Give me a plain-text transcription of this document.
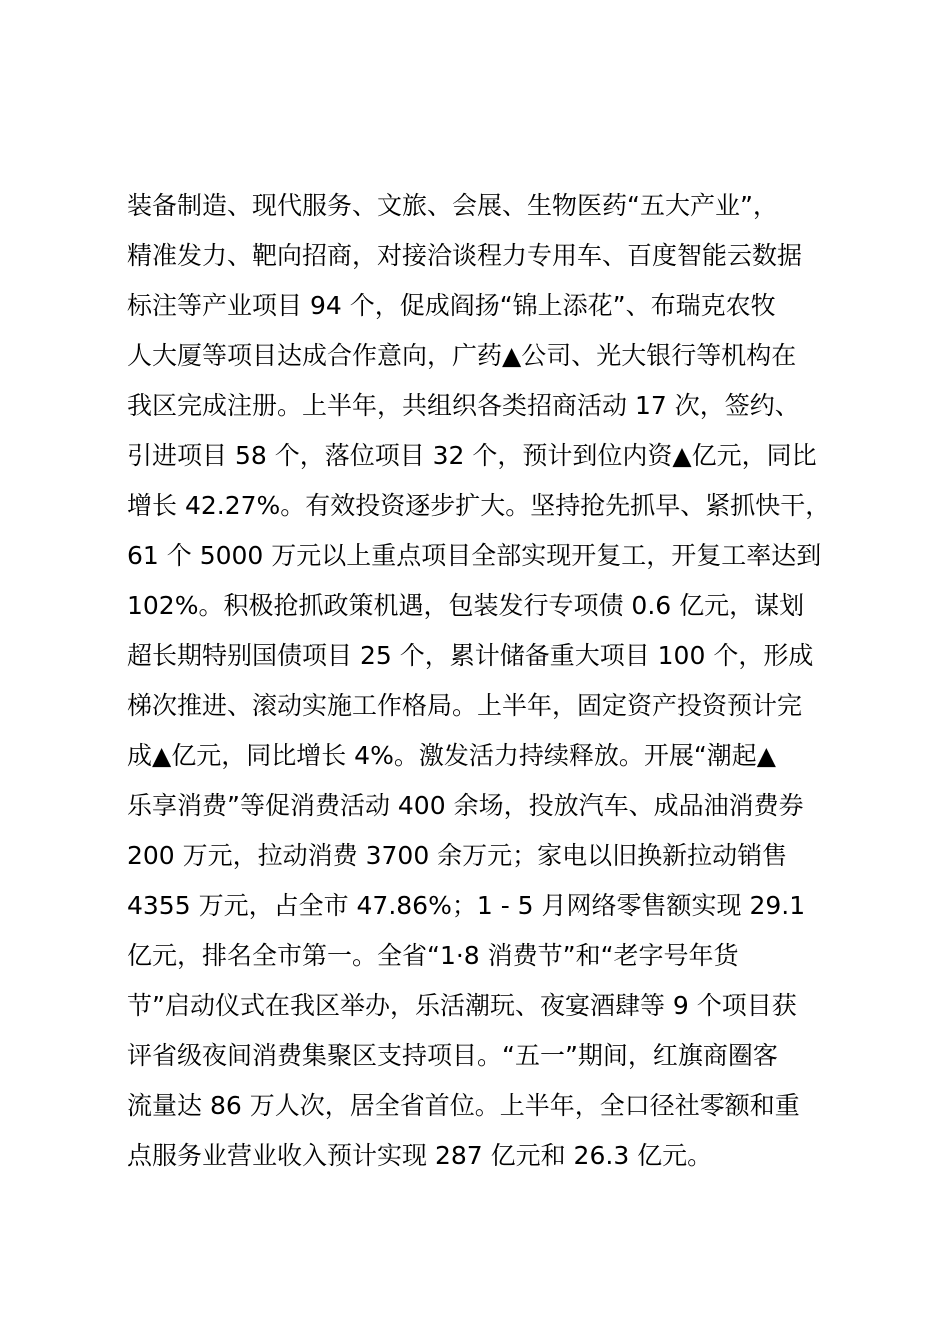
装备制造、现代服务、文旅、会展、生物医药“五大产业”，
精准发力、靶向招商，对接洽谈程力专用车、百度智能云数据
标注等产业项目 94 个，促成阎扬“锦上添花”、布瑞克农牧
人大厦等项目达成合作意向，广药▲公司、光大银行等机构在
我区完成注册。上半年，共组织各类招商活动 17 次，签约、
引进项目 58 个，落位项目 32 个，预计到位内资▲亿元，同比
增长 42.27%。有效投资逐步扩大。坚持抢先抓早、紧抓快干，
61 个 5000 万元以上重点项目全部实现开复工，开复工率达到
102%。积极抢抓政策机遇，包装发行专项债 0.6 亿元，谋划
超长期特别国债项目 25 个，累计储备重大项目 100 个，形成
梯次推进、滚动实施工作格局。上半年，固定资产投资预计完
成▲亿元，同比增长 4%。激发活力持续释放。开展“潮起▲
乐享消费”等促消费活动 400 余场，投放汽车、成品油消费券
200 万元，拉动消费 3700 余万元；家电以旧换新拉动销售
4355 万元，占全市 47.86%；1 - 5 月网络零售额实现 29.1
亿元，排名全市第一。全省“1·8 消费节”和“老字号年货
节”启动仪式在我区举办，乐活潮玩、夜宴酒肆等 9 个项目获
评省级夜间消费集聚区支持项目。“五一”期间，红旗商圈客
流量达 86 万人次，居全省首位。上半年，全口径社零额和重
点服务业营业收入预计实现 287 亿元和 26.3 亿元。
